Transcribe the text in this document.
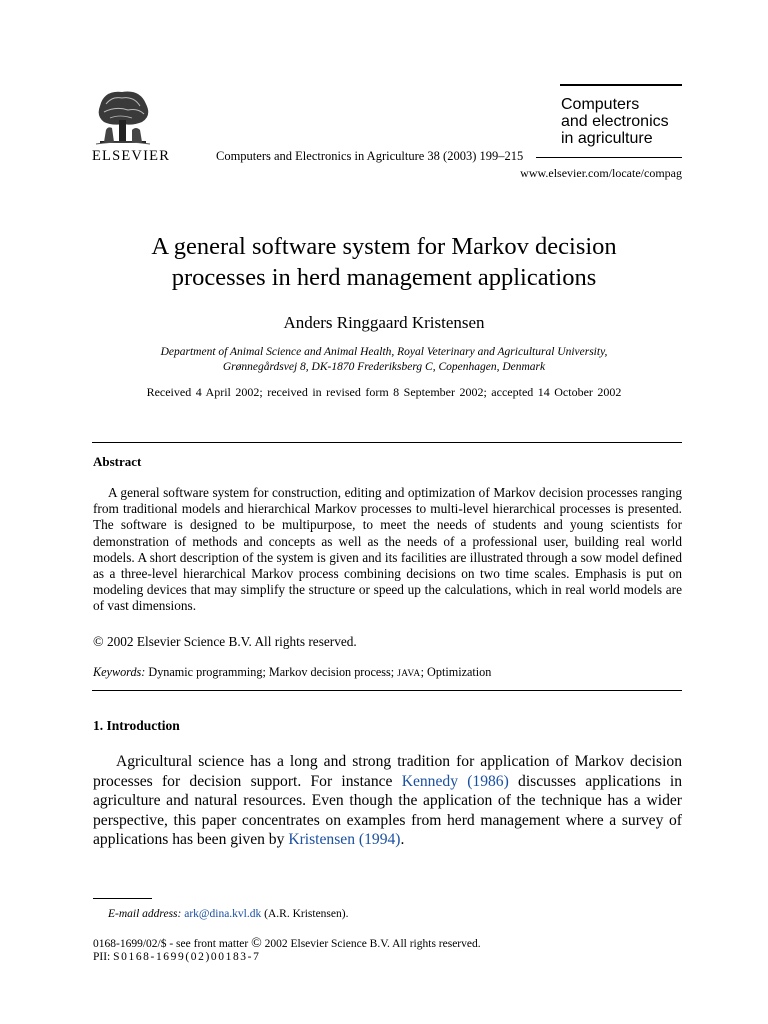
ELSEVIER	Computers and Electronics in Agriculture 38 (2003) 199–215
Computers
and electronics
in agriculture
www.elsevier.com/locate/compag
A general software system for Markov decision
processes in herd management applications
Anders Ringgaard Kristensen
Department of Animal Science and Animal Health, Royal Veterinary and Agricultural University,
Grønnegårdsvej 8, DK-1870 Frederiksberg C, Copenhagen, Denmark
Received 4 April 2002; received in revised form 8 September 2002; accepted 14 October 2002
Abstract
A general software system for construction, editing and optimization of Markov decision processes ranging from traditional models and hierarchical Markov processes to multi-level hierarchical processes is presented. The software is designed to be multipurpose, to meet the needs of students and young scientists for demonstration of methods and concepts as well as the needs of a professional user, building real world models. A short description of the system is given and its facilities are illustrated through a sow model defined as a three-level hierarchical Markov process combining decisions on two time scales. Emphasis is put on modeling devices that may simplify the structure or speed up the calculations, which in real world models are of vast dimensions.
© 2002 Elsevier Science B.V. All rights reserved.
Keywords: Dynamic programming; Markov decision process; JAVA; Optimization
1. Introduction
Agricultural science has a long and strong tradition for application of Markov decision processes for decision support. For instance Kennedy (1986) discusses applications in agriculture and natural resources. Even though the application of the technique has a wider perspective, this paper concentrates on examples from herd management where a survey of applications has been given by Kristensen (1994).
E-mail address: ark@dina.kvl.dk (A.R. Kristensen).
0168-1699/02/$ - see front matter © 2002 Elsevier Science B.V. All rights reserved.
PII: S0168-1699(02)00183-7
